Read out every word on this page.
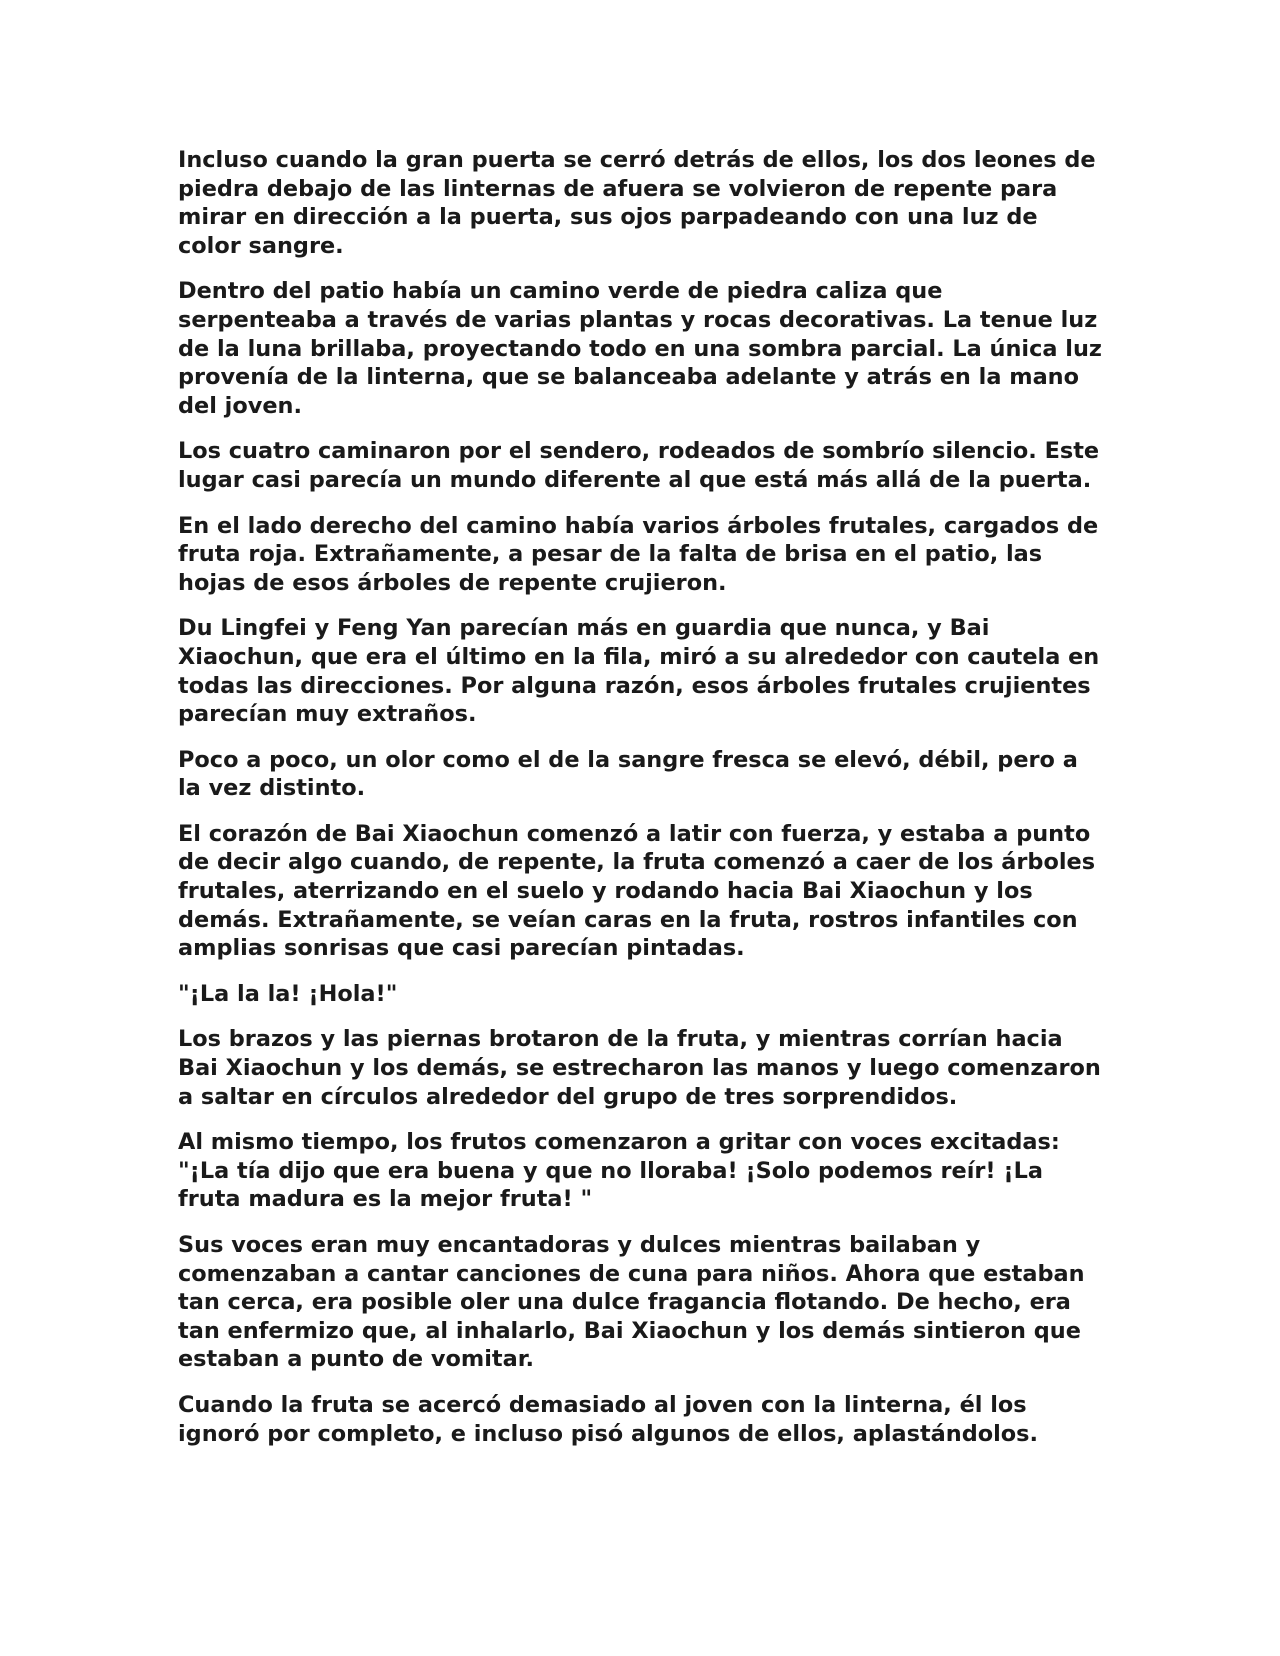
Incluso cuando la gran puerta se cerró detrás de ellos, los dos leones de piedra debajo de las linternas de afuera se volvieron de repente para mirar en dirección a la puerta, sus ojos parpadeando con una luz de color sangre.

Dentro del patio había un camino verde de piedra caliza que serpenteaba a través de varias plantas y rocas decorativas. La tenue luz de la luna brillaba, proyectando todo en una sombra parcial. La única luz provenía de la linterna, que se balanceaba adelante y atrás en la mano del joven.

Los cuatro caminaron por el sendero, rodeados de sombrío silencio. Este lugar casi parecía un mundo diferente al que está más allá de la puerta.

En el lado derecho del camino había varios árboles frutales, cargados de fruta roja. Extrañamente, a pesar de la falta de brisa en el patio, las hojas de esos árboles de repente crujieron.

Du Lingfei y Feng Yan parecían más en guardia que nunca, y Bai Xiaochun, que era el último en la fila, miró a su alrededor con cautela en todas las direcciones. Por alguna razón, esos árboles frutales crujientes parecían muy extraños.

Poco a poco, un olor como el de la sangre fresca se elevó, débil, pero a la vez distinto.

El corazón de Bai Xiaochun comenzó a latir con fuerza, y estaba a punto de decir algo cuando, de repente, la fruta comenzó a caer de los árboles frutales, aterrizando en el suelo y rodando hacia Bai Xiaochun y los demás. Extrañamente, se veían caras en la fruta, rostros infantiles con amplias sonrisas que casi parecían pintadas.

"¡La la la! ¡Hola!"

Los brazos y las piernas brotaron de la fruta, y mientras corrían hacia Bai Xiaochun y los demás, se estrecharon las manos y luego comenzaron a saltar en círculos alrededor del grupo de tres sorprendidos.

Al mismo tiempo, los frutos comenzaron a gritar con voces excitadas: "¡La tía dijo que era buena y que no lloraba! ¡Solo podemos reír! ¡La fruta madura es la mejor fruta! "

Sus voces eran muy encantadoras y dulces mientras bailaban y comenzaban a cantar canciones de cuna para niños. Ahora que estaban tan cerca, era posible oler una dulce fragancia flotando. De hecho, era tan enfermizo que, al inhalarlo, Bai Xiaochun y los demás sintieron que estaban a punto de vomitar.

Cuando la fruta se acercó demasiado al joven con la linterna, él los ignoró por completo, e incluso pisó algunos de ellos, aplastándolos.
